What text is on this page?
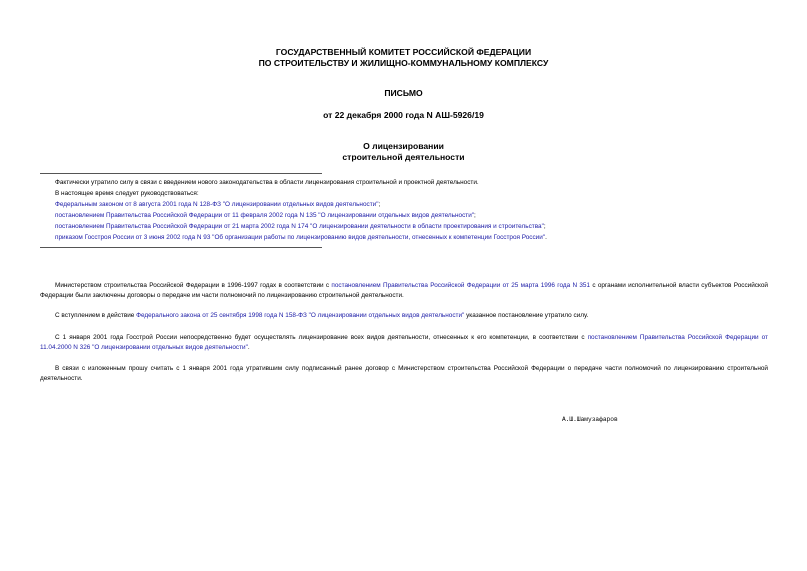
ГОСУДАРСТВЕННЫЙ КОМИТЕТ РОССИЙСКОЙ ФЕДЕРАЦИИ
ПО СТРОИТЕЛЬСТВУ И ЖИЛИЩНО-КОММУНАЛЬНОМУ КОМПЛЕКСУ
ПИСЬМО
от 22 декабря 2000 года N АШ-5926/19
О лицензировании
строительной деятельности
Фактически утратило силу в связи с введением нового законодательства в области лицензирования строительной и проектной деятельности.
В настоящее время следует руководствоваться:
Федеральным законом от 8 августа 2001 года N 128-ФЗ "О лицензировании отдельных видов деятельности";
постановлением Правительства Российской Федерации от 11 февраля 2002 года N 135 "О лицензировании отдельных видов деятельности";
постановлением Правительства Российской Федерации от 21 марта 2002 года N 174 "О лицензировании деятельности в области проектирования и строительства";
приказом Госстроя России от 3 июня 2002 года N 93 "Об организации работы по лицензированию видов деятельности, отнесенных к компетенции Госстроя России".
Министерством строительства Российской Федерации в 1996-1997 годах в соответствии с постановлением Правительства Российской Федерации от 25 марта 1996 года N 351 с органами исполнительной власти субъектов Российской Федерации были заключены договоры о передаче им части полномочий по лицензированию строительной деятельности.
С вступлением в действие Федерального закона от 25 сентября 1998 года N 158-ФЗ "О лицензировании отдельных видов деятельности" указанное постановление утратило силу.
С 1 января 2001 года Госстрой России непосредственно будет осуществлять лицензирование всех видов деятельности, отнесенных к его компетенции, в соответствии с постановлением Правительства Российской Федерации от 11.04.2000 N 326 "О лицензировании отдельных видов деятельности".
В связи с изложенным прошу считать с 1 января 2001 года утратившим силу подписанный ранее договор с Министерством строительства Российской Федерации о передаче части полномочий по лицензированию строительной деятельности.
А.Ш.Шамузафаров
